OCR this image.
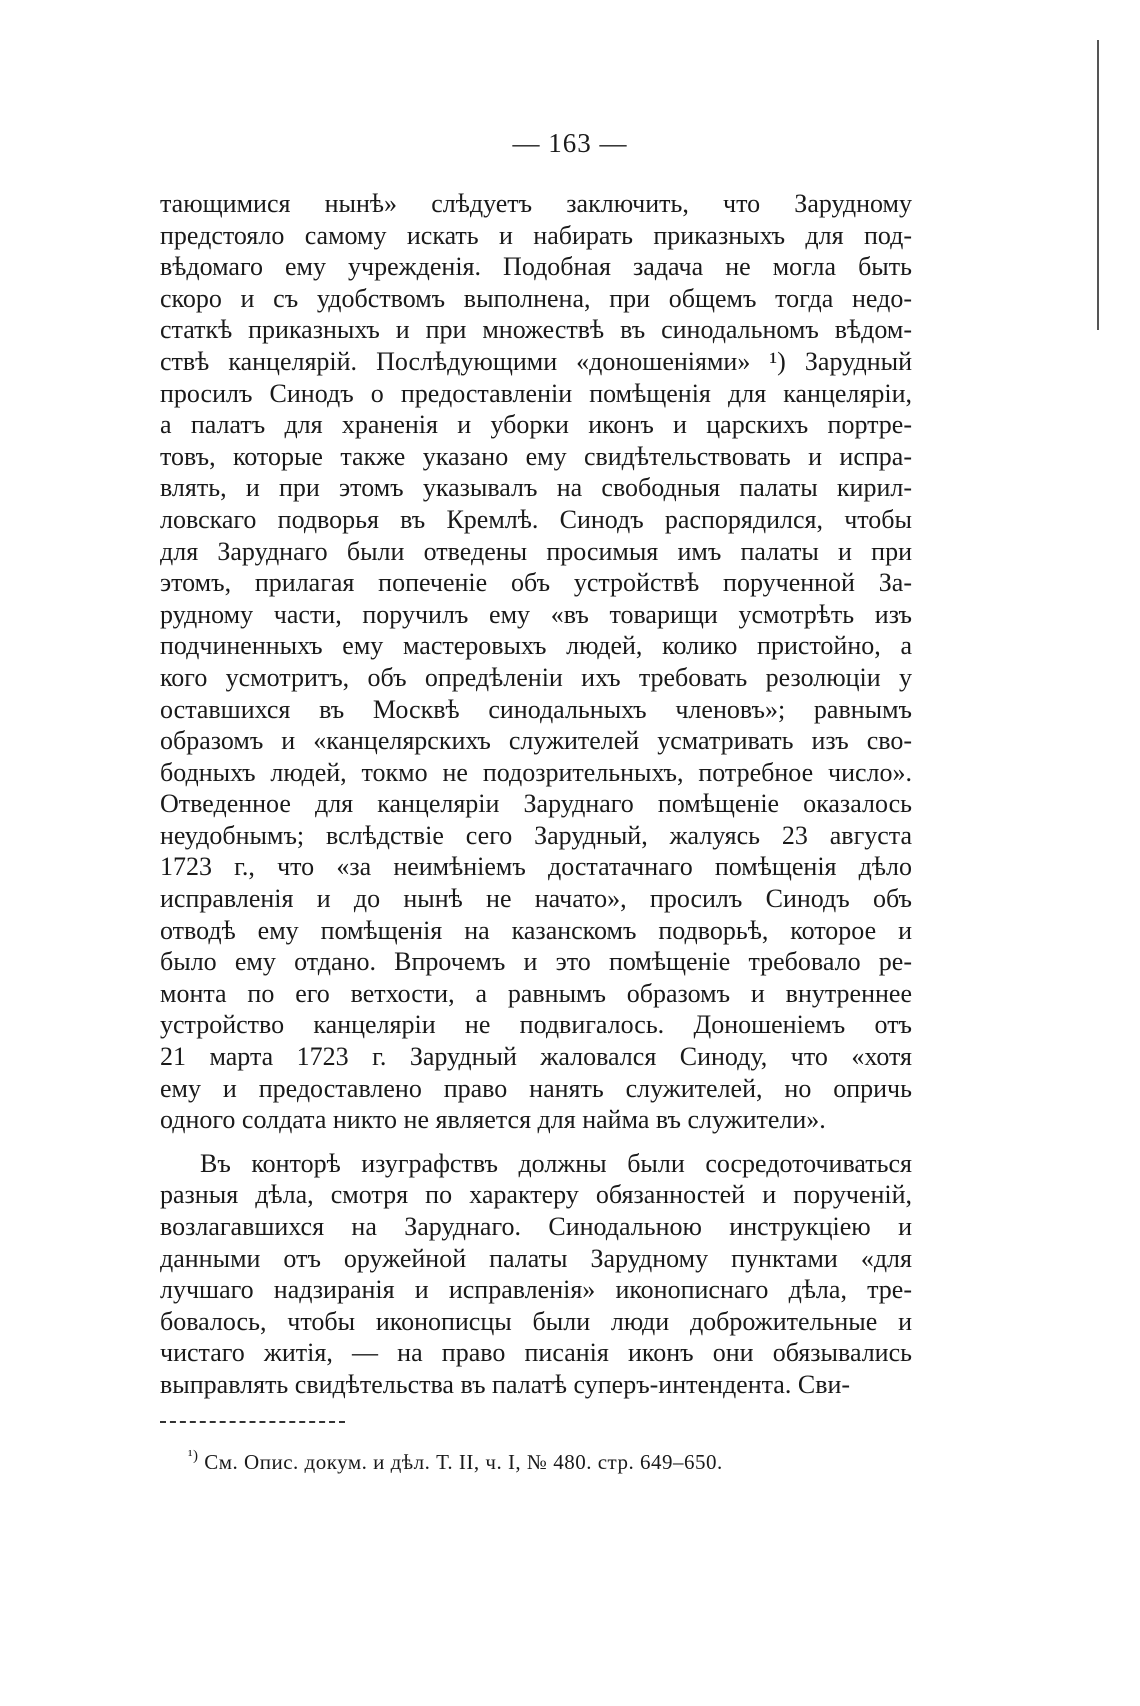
— 163 —
тающимися нынѣ» слѣдуетъ заключить, что Зарудному
предстояло самому искать и набирать приказныхъ для под-
вѣдомаго ему учрежденія. Подобная задача не могла быть
скоро и съ удобствомъ выполнена, при общемъ тогда недо-
статкѣ приказныхъ и при множествѣ въ синодальномъ вѣдом-
ствѣ канцелярій. Послѣдующими «доношеніями» ¹) Зарудный
просилъ Синодъ о предоставленіи помѣщенія для канцеляріи,
а палатъ для храненія и уборки иконъ и царскихъ портре-
товъ, которые также указано ему свидѣтельствовать и испра-
влять, и при этомъ указывалъ на свободныя палаты кирил-
ловскаго подворья въ Кремлѣ. Синодъ распорядился, чтобы
для Заруднаго были отведены просимыя имъ палаты и при
этомъ, прилагая попеченіе объ устройствѣ порученной За-
рудному части, поручилъ ему «въ товарищи усмотрѣть изъ
подчиненныхъ ему мастеровыхъ людей, колико пристойно, а
кого усмотритъ, объ опредѣленіи ихъ требовать резолюціи у
оставшихся въ Москвѣ синодальныхъ членовъ»; равнымъ
образомъ и «канцелярскихъ служителей усматривать изъ сво-
бодныхъ людей, токмо не подозрительныхъ, потребное число».
Отведенное для канцеляріи Заруднаго помѣщеніе оказалось
неудобнымъ; вслѣдствіе сего Зарудный, жалуясь 23 августа
1723 г., что «за неимѣніемъ достатачнаго помѣщенія дѣло
исправленія и до нынѣ не начато», просилъ Синодъ объ
отводѣ ему помѣщенія на казанскомъ подворьѣ, которое и
было ему отдано. Впрочемъ и это помѣщеніе требовало ре-
монта по его ветхости, а равнымъ образомъ и внутреннее
устройство канцеляріи не подвигалось. Доношеніемъ отъ
21 марта 1723 г. Зарудный жаловался Синоду, что «хотя
ему и предоставлено право нанять служителей, но опричь
одного солдата никто не является для найма въ служители».
Въ конторѣ изуграфствъ должны были сосредоточиваться
разныя дѣла, смотря по характеру обязанностей и порученій,
возлагавшихся на Заруднаго. Синодальною инструкціею и
данными отъ оружейной палаты Зарудному пунктами «для
лучшаго надзиранія и исправленія» иконописнаго дѣла, тре-
бовалось, чтобы иконописцы были люди доброжительные и
чистаго житія, — на право писанія иконъ они обязывались
выправлять свидѣтельства въ палатѣ суперъ-интендента. Сви-
$^{^1)}$ См. Опис. докум. и дѣл. Т. II, ч. I, № 480. стр. 649–650.
